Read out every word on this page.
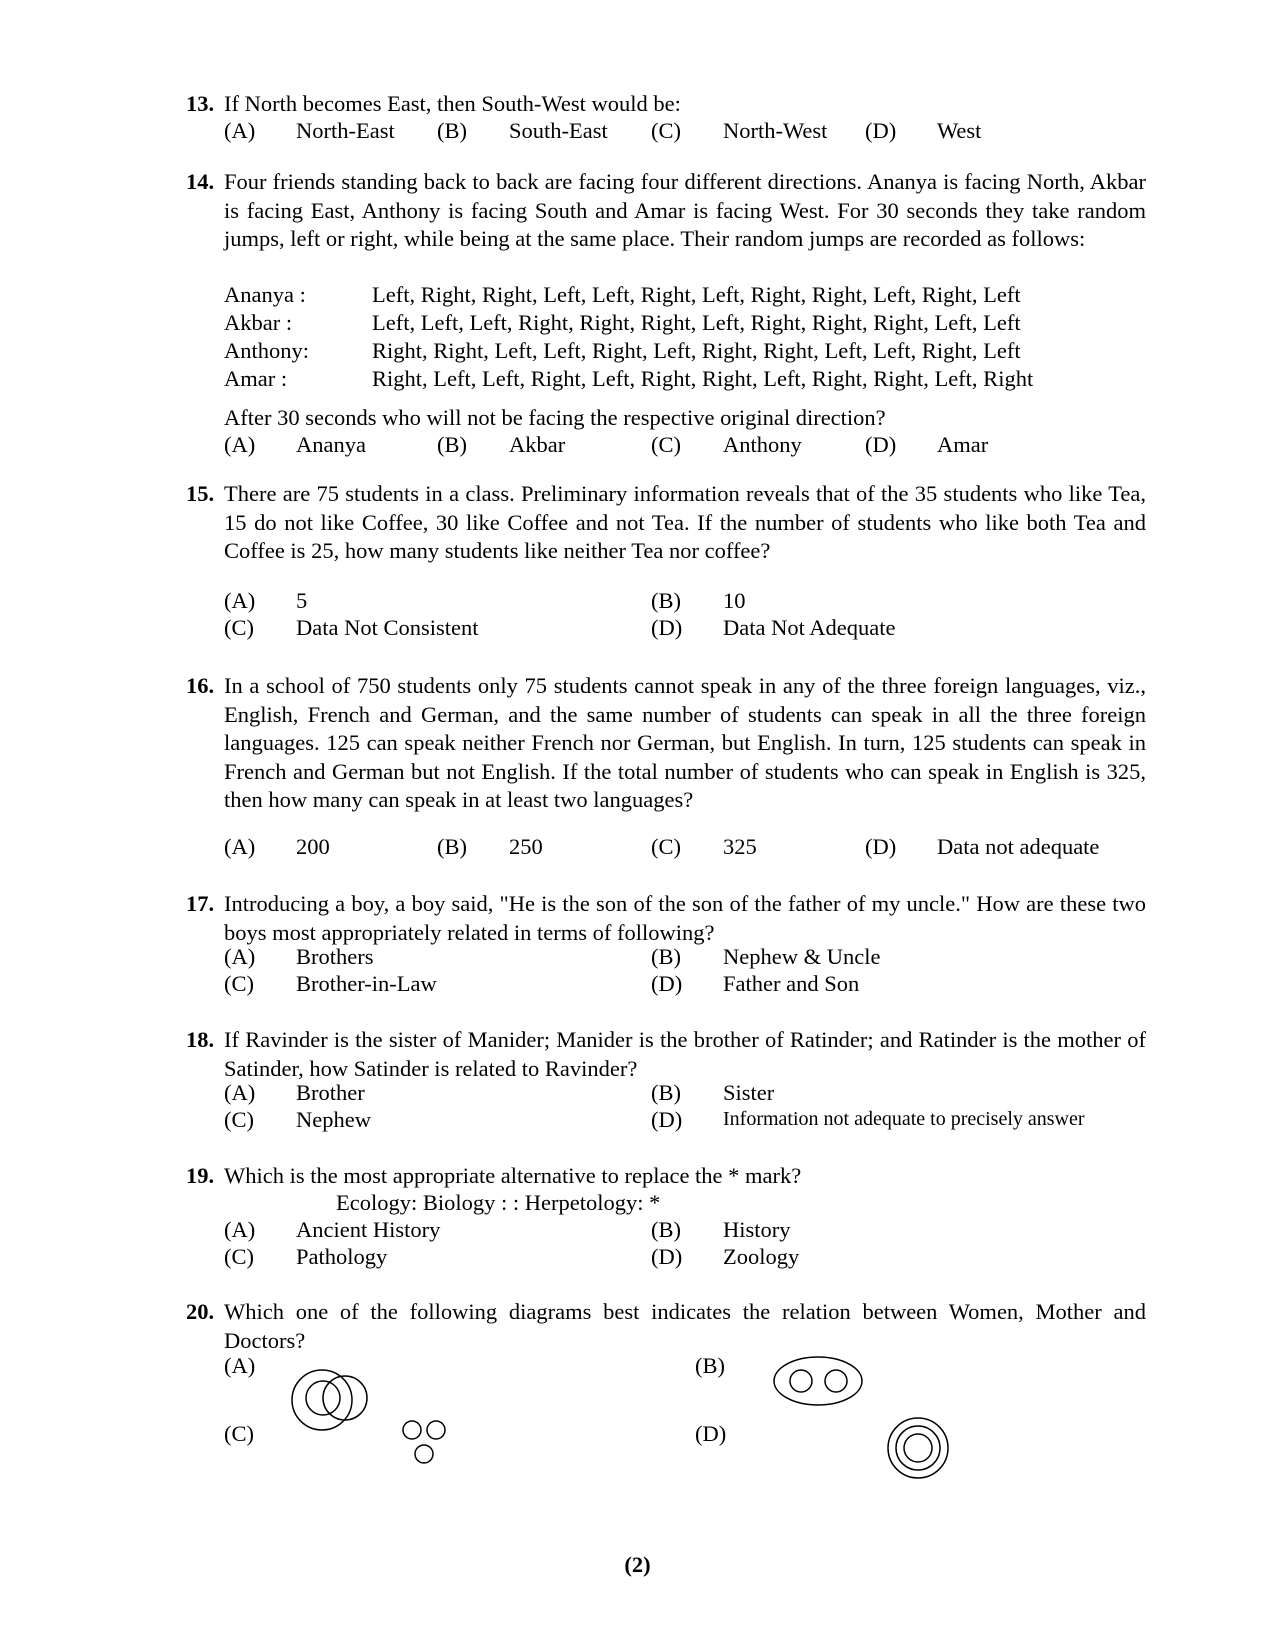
13. If North becomes East, then South-West would be:
(A) North-East (B) South-East (C) North-West (D) West
14. Four friends standing back to back are facing four different directions. Ananya is facing North, Akbar is facing East, Anthony is facing South and Amar is facing West. For 30 seconds they take random jumps, left or right, while being at the same place. Their random jumps are recorded as follows:
Ananya :	Left, Right, Right, Left, Left, Right, Left, Right, Right, Left, Right, Left
Akbar :	Left, Left, Left, Right, Right, Right, Left, Right, Right, Right, Left, Left
Anthony:	Right, Right, Left, Left, Right, Left, Right, Right, Left, Left, Right, Left
Amar :	Right, Left, Left, Right, Left, Right, Right, Left, Right, Right, Left, Right
After 30 seconds who will not be facing the respective original direction?
(A) Ananya	(B) Akbar	(C) Anthony	(D) Amar
15. There are 75 students in a class. Preliminary information reveals that of the 35 students who like Tea, 15 do not like Coffee, 30 like Coffee and not Tea. If the number of students who like both Tea and Coffee is 25, how many students like neither Tea nor coffee?
(A) 5	(B) 10
(C) Data Not Consistent	(D) Data Not Adequate
16. In a school of 750 students only 75 students cannot speak in any of the three foreign languages, viz., English, French and German, and the same number of students can speak in all the three foreign languages. 125 can speak neither French nor German, but English. In turn, 125 students can speak in French and German but not English. If the total number of students who can speak in English is 325, then how many can speak in at least two languages?
(A) 200	(B) 250	(C) 325	(D) Data not adequate
17. Introducing a boy, a boy said, "He is the son of the son of the father of my uncle." How are these two boys most appropriately related in terms of following?
(A) Brothers	(B) Nephew & Uncle
(C) Brother-in-Law	(D) Father and Son
18. If Ravinder is the sister of Manider; Manider is the brother of Ratinder; and Ratinder is the mother of Satinder, how Satinder is related to Ravinder?
(A) Brother	(B) Sister
(C) Nephew	(D) Information not adequate to precisely answer
19. Which is the most appropriate alternative to replace the * mark?
Ecology: Biology : : Herpetology: *
(A) Ancient History	(B) History
(C) Pathology	(D) Zoology
20. Which one of the following diagrams best indicates the relation between Women, Mother and Doctors?
(A)	(B)
(C)	(D)
(2)
